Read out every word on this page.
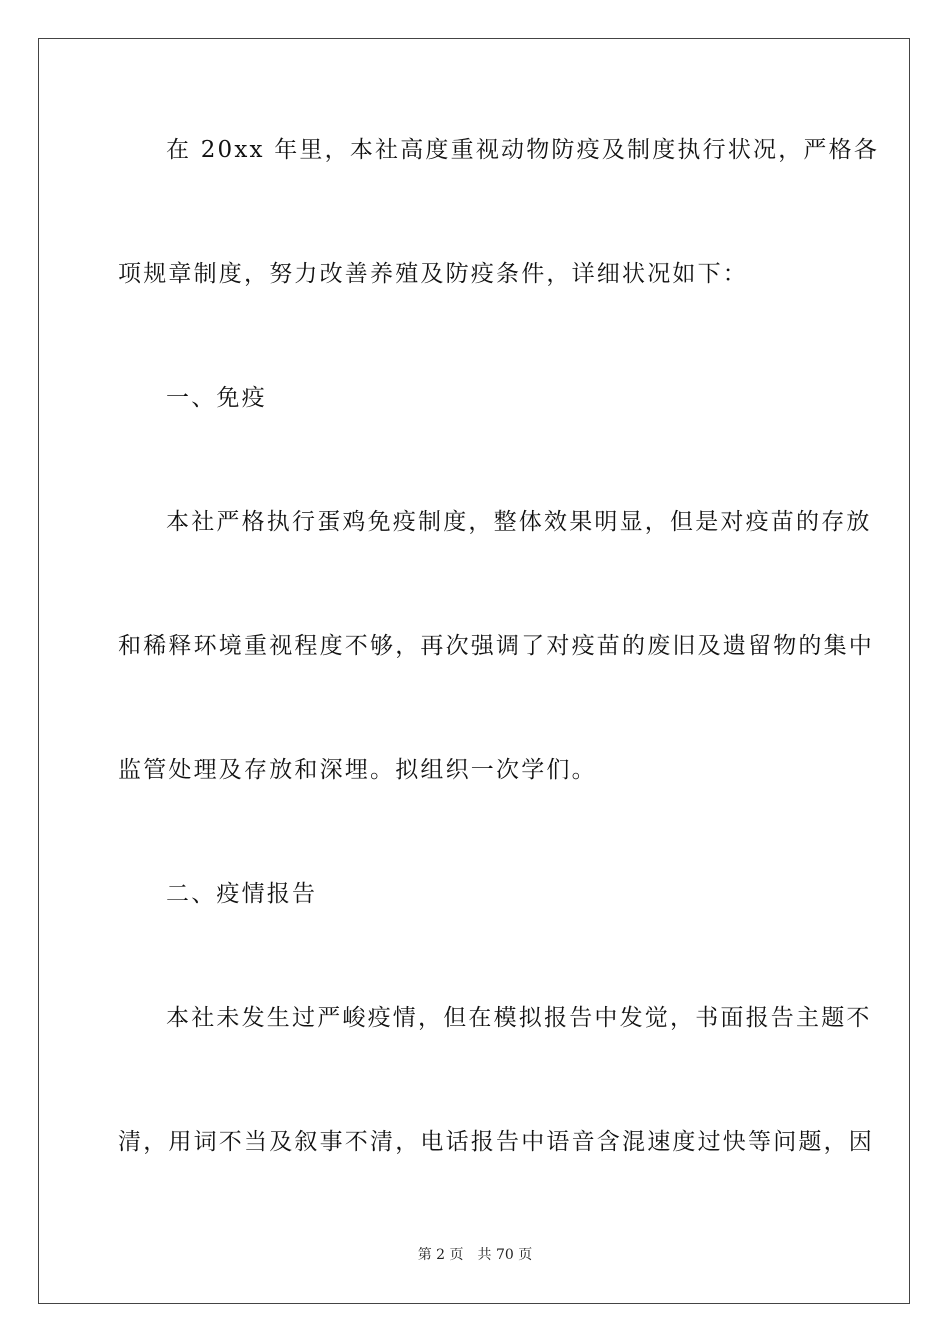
在 20xx 年里，本社高度重视动物防疫及制度执行状况，严格各
项规章制度，努力改善养殖及防疫条件，详细状况如下：
一、免疫
本社严格执行蛋鸡免疫制度，整体效果明显，但是对疫苗的存放
和稀释环境重视程度不够，再次强调了对疫苗的废旧及遗留物的集中
监管处理及存放和深埋。拟组织一次学们。
二、疫情报告
本社未发生过严峻疫情，但在模拟报告中发觉，书面报告主题不
清，用词不当及叙事不清，电话报告中语音含混速度过快等问题，因
第 2 页 共 70 页
